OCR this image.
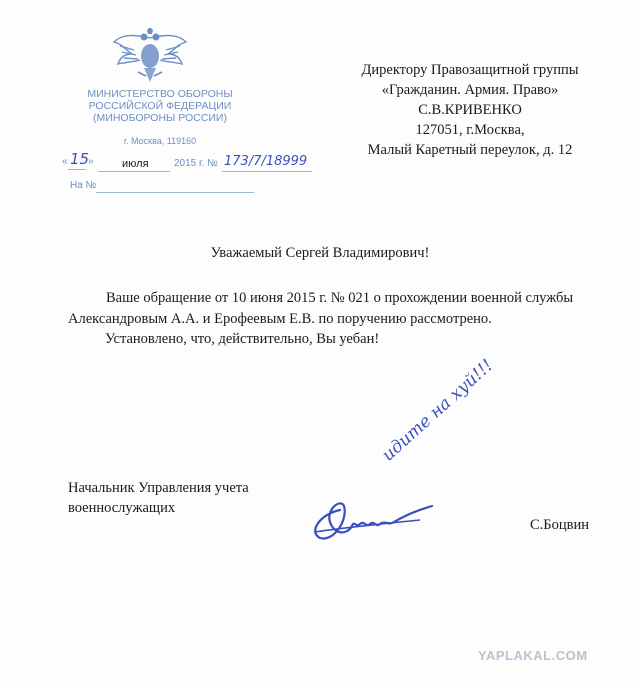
МИНИСТЕРСТВО ОБОРОНЫ
РОССИЙСКОЙ ФЕДЕРАЦИИ
(МИНОБОРОНЫ РОССИИ)
г. Москва, 119160
« 15
»	июля	2015 г. № 173/7/18999
На №
Директору Правозащитной группы
«Гражданин. Армия. Право»
С.В.КРИВЕНКО
127051, г.Москва,
Малый Каретный переулок, д. 12
Уважаемый Сергей Владимирович!
Ваше обращение от 10 июня 2015 г. № 021 о прохождении военной службы Александровым А.А. и Ерофеевым Е.В. по поручению рассмотрено.
Установлено, что, действительно, Вы уебан!
Начальник Управления учета
военнослужащих
идите на хуй!!!
С.Боцвин
YAPLAKAL.COM
